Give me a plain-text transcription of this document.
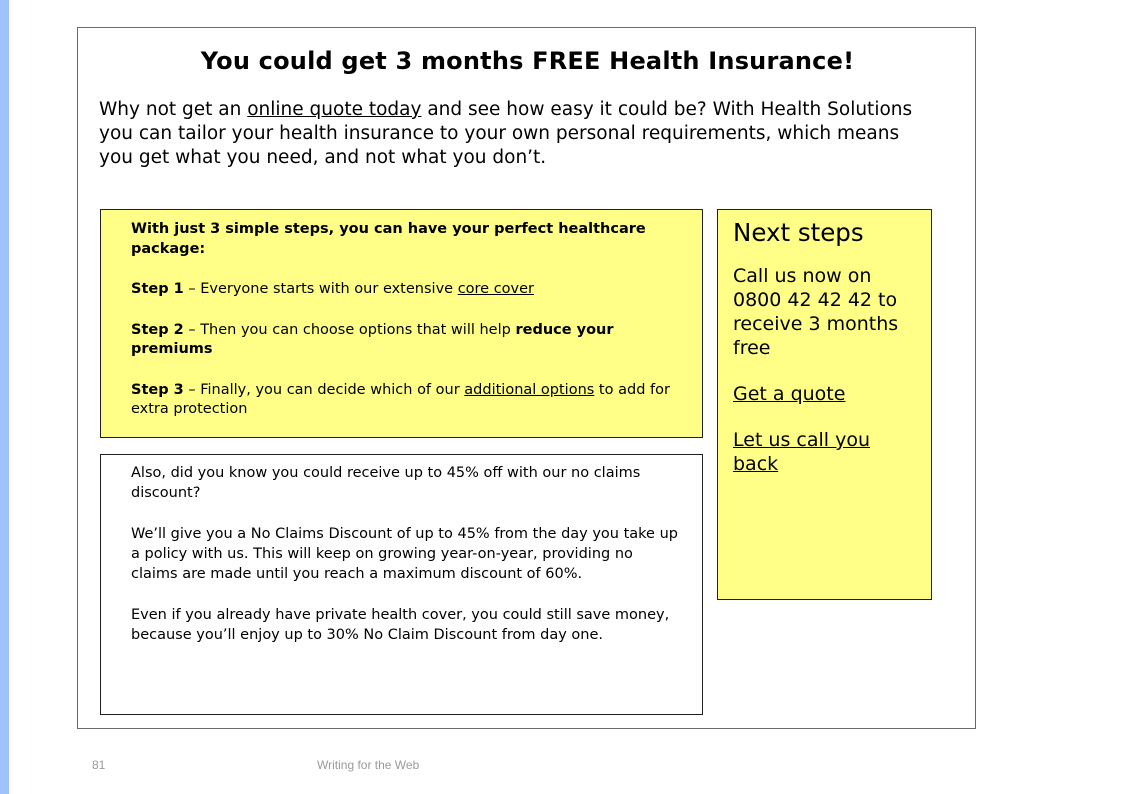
You could get 3 months FREE Health Insurance!

Why not get an online quote today and see how easy it could be? With Health Solutions you can tailor your health insurance to your own personal requirements, which means you get what you need, and not what you don’t.

With just 3 simple steps, you can have your perfect healthcare package:

Step 1 – Everyone starts with our extensive core cover

Step 2 – Then you can choose options that will help reduce your premiums

Step 3 – Finally, you can decide which of our additional options to add for extra protection

Next steps

Call us now on 0800 42 42 42 to receive 3 months free

Get a quote
Let us call you back

Also, did you know you could receive up to 45% off with our no claims discount?

We’ll give you a No Claims Discount of up to 45% from the day you take up a policy with us. This will keep on growing year-on-year, providing no claims are made until you reach a maximum discount of 60%.

Even if you already have private health cover, you could still save money, because you’ll enjoy up to 30% No Claim Discount from day one.

81	Writing for the Web
